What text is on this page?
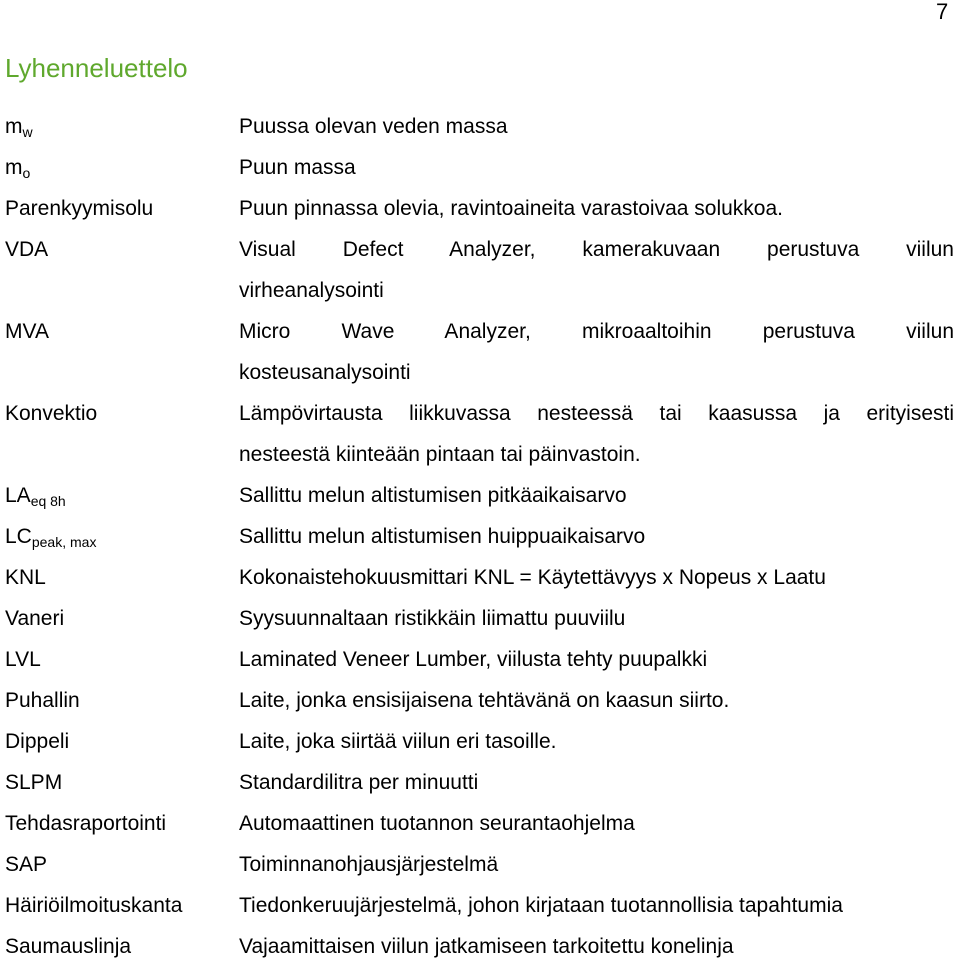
7
Lyhenneluettelo
$m_w$	Puussa olevan veden massa
$m_o$	Puun massa
Parenkyymisolu	Puun pinnassa olevia, ravintoaineita varastoivaa solukkoa.
VDA	Visual Defect Analyzer, kamerakuvaan perustuva viilun
virheanalysointi
MVA	Micro Wave Analyzer, mikroaaltoihin perustuva viilun
kosteusanalysointi
Konvektio	Lämpövirtausta liikkuvassa nesteessä tai kaasussa ja erityisesti
nesteestä kiinteään pintaan tai päinvastoin.
$LA_{eq 8h}$	Sallittu melun altistumisen pitkäaikaisarvo
$LC_{peak, max}$	Sallittu melun altistumisen huippuaikaisarvo
KNL	Kokonaistehokuusmittari KNL = Käytettävyys x Nopeus x Laatu
Vaneri	Syysuunnaltaan ristikkäin liimattu puuviilu
LVL	Laminated Veneer Lumber, viilusta tehty puupalkki
Puhallin	Laite, jonka ensisijaisena tehtävänä on kaasun siirto.
Dippeli	Laite, joka siirtää viilun eri tasoille.
SLPM	Standardilitra per minuutti
Tehdasraportointi	Automaattinen tuotannon seurantaohjelma
SAP	Toiminnanohjausjärjestelmä
Häiriöilmoituskanta	Tiedonkeruujärjestelmä, johon kirjataan tuotannollisia tapahtumia
Saumauslinja	Vajaamittaisen viilun jatkamiseen tarkoitettu konelinja
